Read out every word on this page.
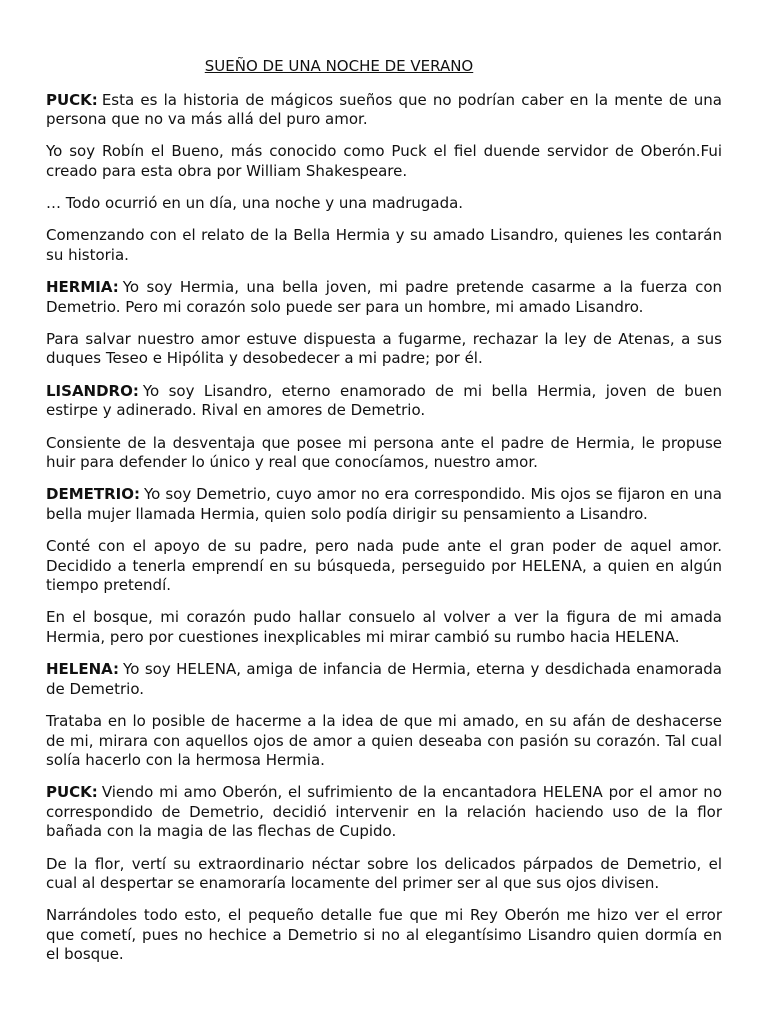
SUEÑO DE UNA NOCHE DE VERANO

PUCK: Esta es la historia de mágicos sueños que no podrían caber en la mente de una persona que no va más allá del puro amor.

Yo soy Robín el Bueno, más conocido como Puck el fiel duende servidor de Oberón.Fui creado para esta obra por William Shakespeare.

… Todo ocurrió en un día, una noche y una madrugada.

Comenzando con el relato de la Bella Hermia y su amado Lisandro, quienes les contarán su historia.

HERMIA: Yo soy Hermia, una bella joven, mi padre pretende casarme a la fuerza con Demetrio. Pero mi corazón solo puede ser para un hombre, mi amado Lisandro.

Para salvar nuestro amor estuve dispuesta a fugarme, rechazar la ley de Atenas, a sus duques Teseo e Hipólita y desobedecer a mi padre; por él.

LISANDRO: Yo soy Lisandro, eterno enamorado de mi bella Hermia, joven de buen estirpe y adinerado. Rival en amores de Demetrio.

Consiente de la desventaja que posee mi persona ante el padre de Hermia, le propuse huir para defender lo único y real que conocíamos, nuestro amor.

DEMETRIO: Yo soy Demetrio, cuyo amor no era correspondido. Mis ojos se fijaron en una bella mujer llamada Hermia, quien solo podía dirigir su pensamiento a Lisandro.

Conté con el apoyo de su padre, pero nada pude ante el gran poder de aquel amor. Decidido a tenerla emprendí en su búsqueda, perseguido por HELENA, a quien en algún tiempo pretendí.

En el bosque, mi corazón pudo hallar consuelo al volver a ver la figura de mi amada Hermia, pero por cuestiones inexplicables mi mirar cambió su rumbo hacia HELENA.

HELENA: Yo soy HELENA, amiga de infancia de Hermia, eterna y desdichada enamorada de Demetrio.

Trataba en lo posible de hacerme a la idea de que mi amado, en su afán de deshacerse de mi, mirara con aquellos ojos de amor a quien deseaba con pasión su corazón. Tal cual solía hacerlo con la hermosa Hermia.

PUCK: Viendo mi amo Oberón, el sufrimiento de la encantadora HELENA por el amor no correspondido de Demetrio, decidió intervenir en la relación haciendo uso de la flor bañada con la magia de las flechas de Cupido.

De la flor, vertí su extraordinario néctar sobre los delicados párpados de Demetrio, el cual al despertar se enamoraría locamente del primer ser al que sus ojos divisen.

Narrándoles todo esto, el pequeño detalle fue que mi Rey Oberón me hizo ver el error que cometí, pues no hechice a Demetrio si no al elegantísimo Lisandro quien dormía en el bosque.
